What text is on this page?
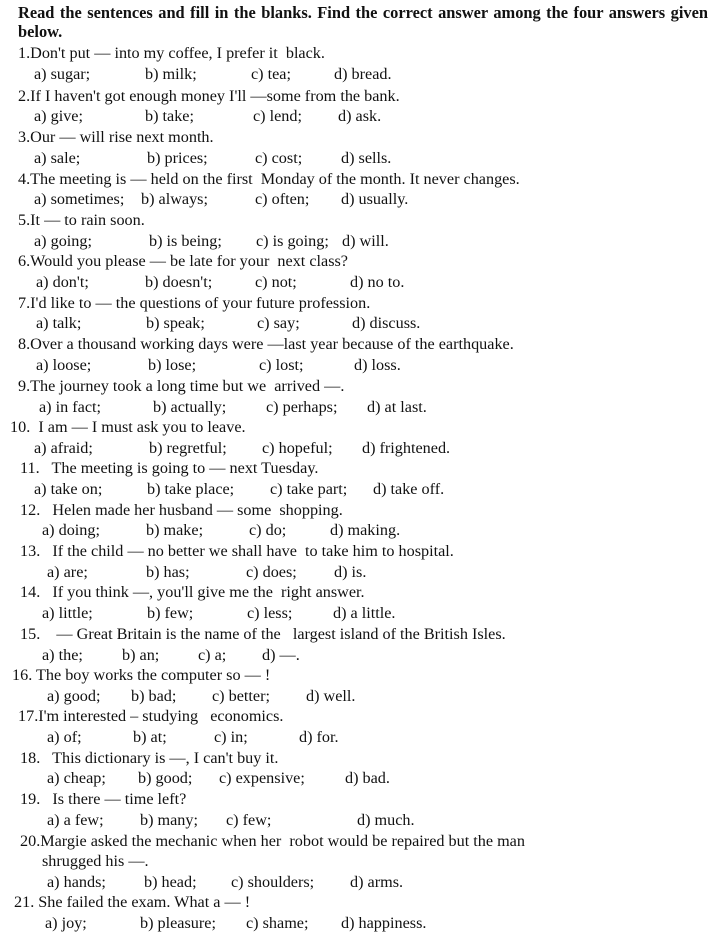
Read the sentences and fill in the blanks. Find the correct answer among the four answers given below.
1.Don't put — into my coffee, I prefer it  black.
a) sugar;	b) milk;	c) tea;	d) bread.
2.If I haven't got enough money I'll —some from the bank.
a) give;	b) take;	c) lend; d) ask.
3.Our — will rise next month.
a) sale;	b) prices;	c) cost; d) sells.
4.The meeting is — held on the first  Monday of the month. It never changes.
a) sometimes; b) always;	c) often; d) usually.
5.It — to rain soon.
a) going;	b) is being; c) is going; d) will.
6.Would you please — be late for your  next class?
a) don't;	b) doesn't;	c) not;	d) no to.
7.I'd like to — the questions of your future profession.
a) talk;	b) speak;	c) say;	d) discuss.
8.Over a thousand working days were —last year because of the earthquake.
a) loose;	b) lose;	c) lost;	d) loss.
9.The journey took a long time but we  arrived —.
a) in fact;	b) actually; c) perhaps; d) at last.
10. I am — I must ask you to leave.
a) afraid;	b) regretful; c) hopeful; d) frightened.
11. The meeting is going to — next Tuesday.
a) take on;	b) take place; c) take part; d) take off.
12. Helen made her husband — some  shopping.
a) doing;	b) make;	c) do;	d) making.
13. If the child — no better we shall have  to take him to hospital.
a) are;	b) has;	c) does; d) is.
14. If you think —, you'll give me the  right answer.
a) little;	b) few;	c) less;	d) a little.
15. — Great Britain is the name of the   largest island of the British Isles.
a) the; b) an; c) a; d) —.
16. The boy works the computer so — !
a) good; b) bad; c) better; d) well.
17.I'm interested – studying   economics.
a) of;	b) at;	c) in;	d) for.
18. This dictionary is —, I can't buy it.
a) cheap; b) good; c) expensive; d) bad.
19. Is there — time left?
a) a few; b) many; c) few;	d) much.
20.Margie asked the mechanic when her  robot would be repaired but the man
shrugged his —.
a) hands; b) head; c) shoulders; d) arms.
21. She failed the exam. What a — !
a) joy;	b) pleasure; c) shame; d) happiness.
